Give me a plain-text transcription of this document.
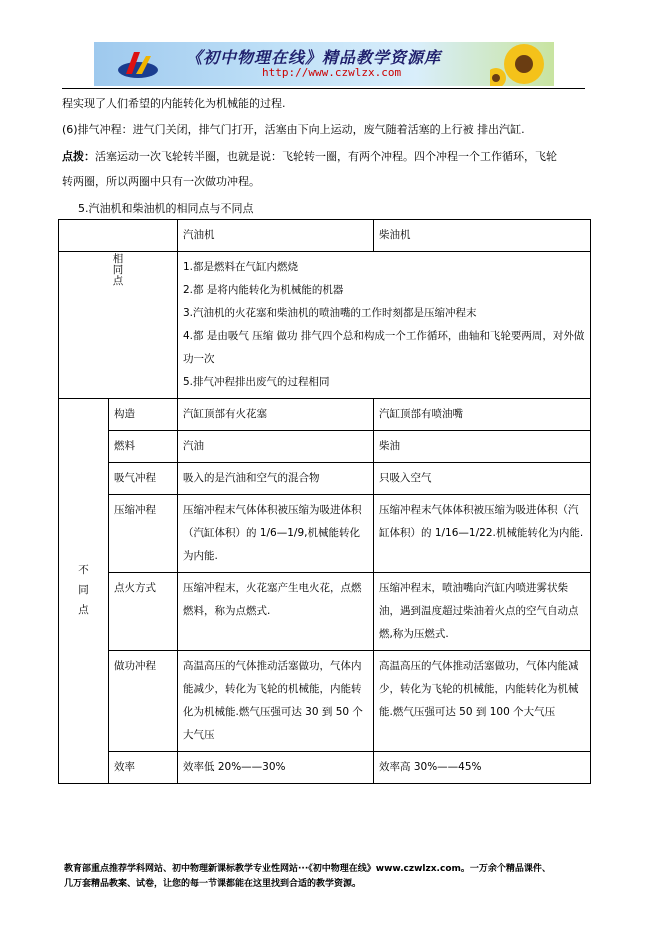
《初中物理在线》精品教学资源库
http://www.czwlzx.com
程实现了人们希望的内能转化为机械能的过程.
(6)排气冲程：进气门关闭，排气门打开，活塞由下向上运动，废气随着活塞的上行被 排出汽缸.
点拨：活塞运动一次飞轮转半圈，也就是说：飞轮转一圈，有两个冲程。四个冲程一个工作循环，飞轮
转两圈，所以两圈中只有一次做功冲程。
5.汽油机和柴油机的相同点与不同点
		汽油机	柴油机
相同点		1.都是燃料在气缸内燃烧
2.都 是将内能转化为机械能的机器
3.汽油机的火花塞和柴油机的喷油嘴的工作时刻都是压缩冲程末
4.都 是由吸气 压缩 做功 排气四个总和构成一个工作循环，曲轴和飞轮要两周，对外做功一次
5.排气冲程排出废气的过程相同	

不同点	构造	汽缸顶部有火花塞	汽缸顶部有喷油嘴
	燃料	汽油	柴油
	吸气冲程	吸入的是汽油和空气的混合物	只吸入空气
	压缩冲程	压缩冲程末气体体积被压缩为吸进体积（汽缸体积）的 1/6—1/9,机械能转化为内能.	压缩冲程末气体体积被压缩为吸进体积（汽缸体积）的 1/16—1/22.机械能转化为内能.
	点火方式	压缩冲程末，火花塞产生电火花，点燃燃料，称为点燃式.	压缩冲程末，喷油嘴向汽缸内喷进雾状柴油，遇到温度超过柴油着火点的空气自动点燃,称为压燃式.
	做功冲程	高温高压的气体推动活塞做功，气体内能减少，转化为飞轮的机械能，内能转化为机械能.燃气压强可达 30 到 50 个大气压	高温高压的气体推动活塞做功，气体内能减少，转化为飞轮的机械能，内能转化为机械能.燃气压强可达 50 到 100 个大气压
	效率	效率低 20%——30%	效率高 30%——45%
教育部重点推荐学科网站、初中物理新课标教学专业性网站···《初中物理在线》www.czwlzx.com。一万余个精品课件、
几万套精品教案、试卷，让您的每一节课都能在这里找到合适的教学资源。
